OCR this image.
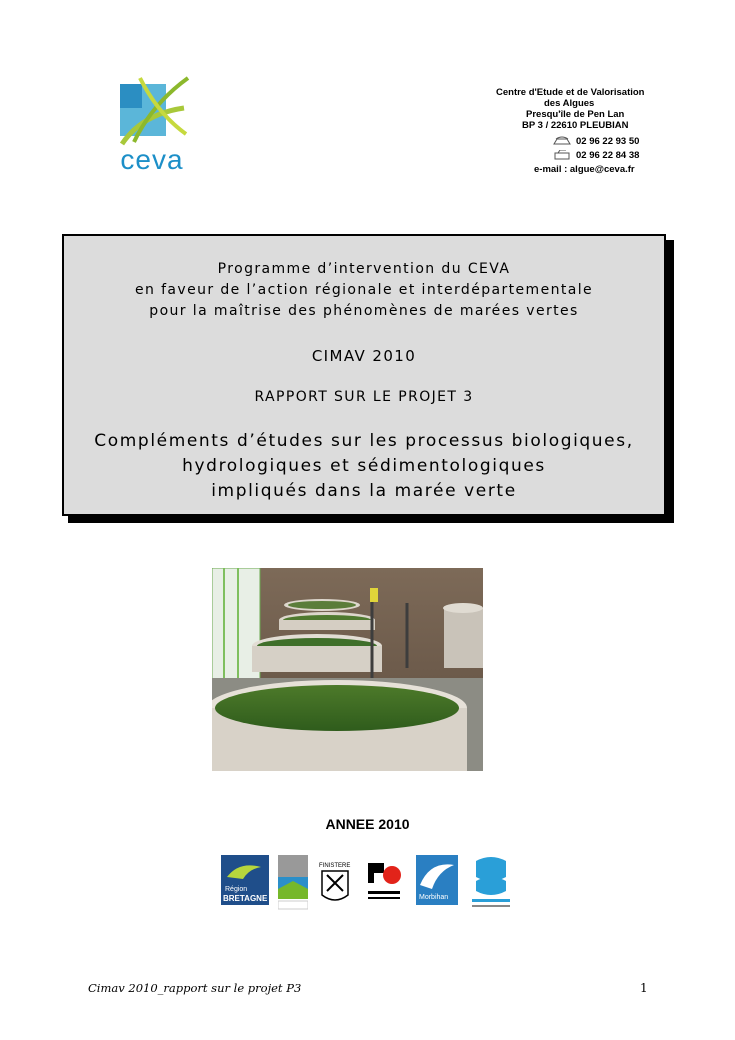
ceva
Centre d'Etude et de Valorisation
des Algues
Presqu'île de Pen Lan
BP 3 / 22610 PLEUBIAN
02 96 22 93 50
02 96 22 84 38
e-mail : algue@ceva.fr
Programme d’intervention du CEVA
en faveur de l’action régionale et interdépartementale
pour la maîtrise des phénomènes de marées vertes
CIMAV 2010
RAPPORT SUR LE PROJET 3
Compléments d’études sur les processus biologiques,
hydrologiques et sédimentologiques
impliqués dans la marée verte
ANNEE 2010
Région
BRETAGNE
FINISTERE
Morbihan
Cimav 2010_rapport sur le projet P3	1
